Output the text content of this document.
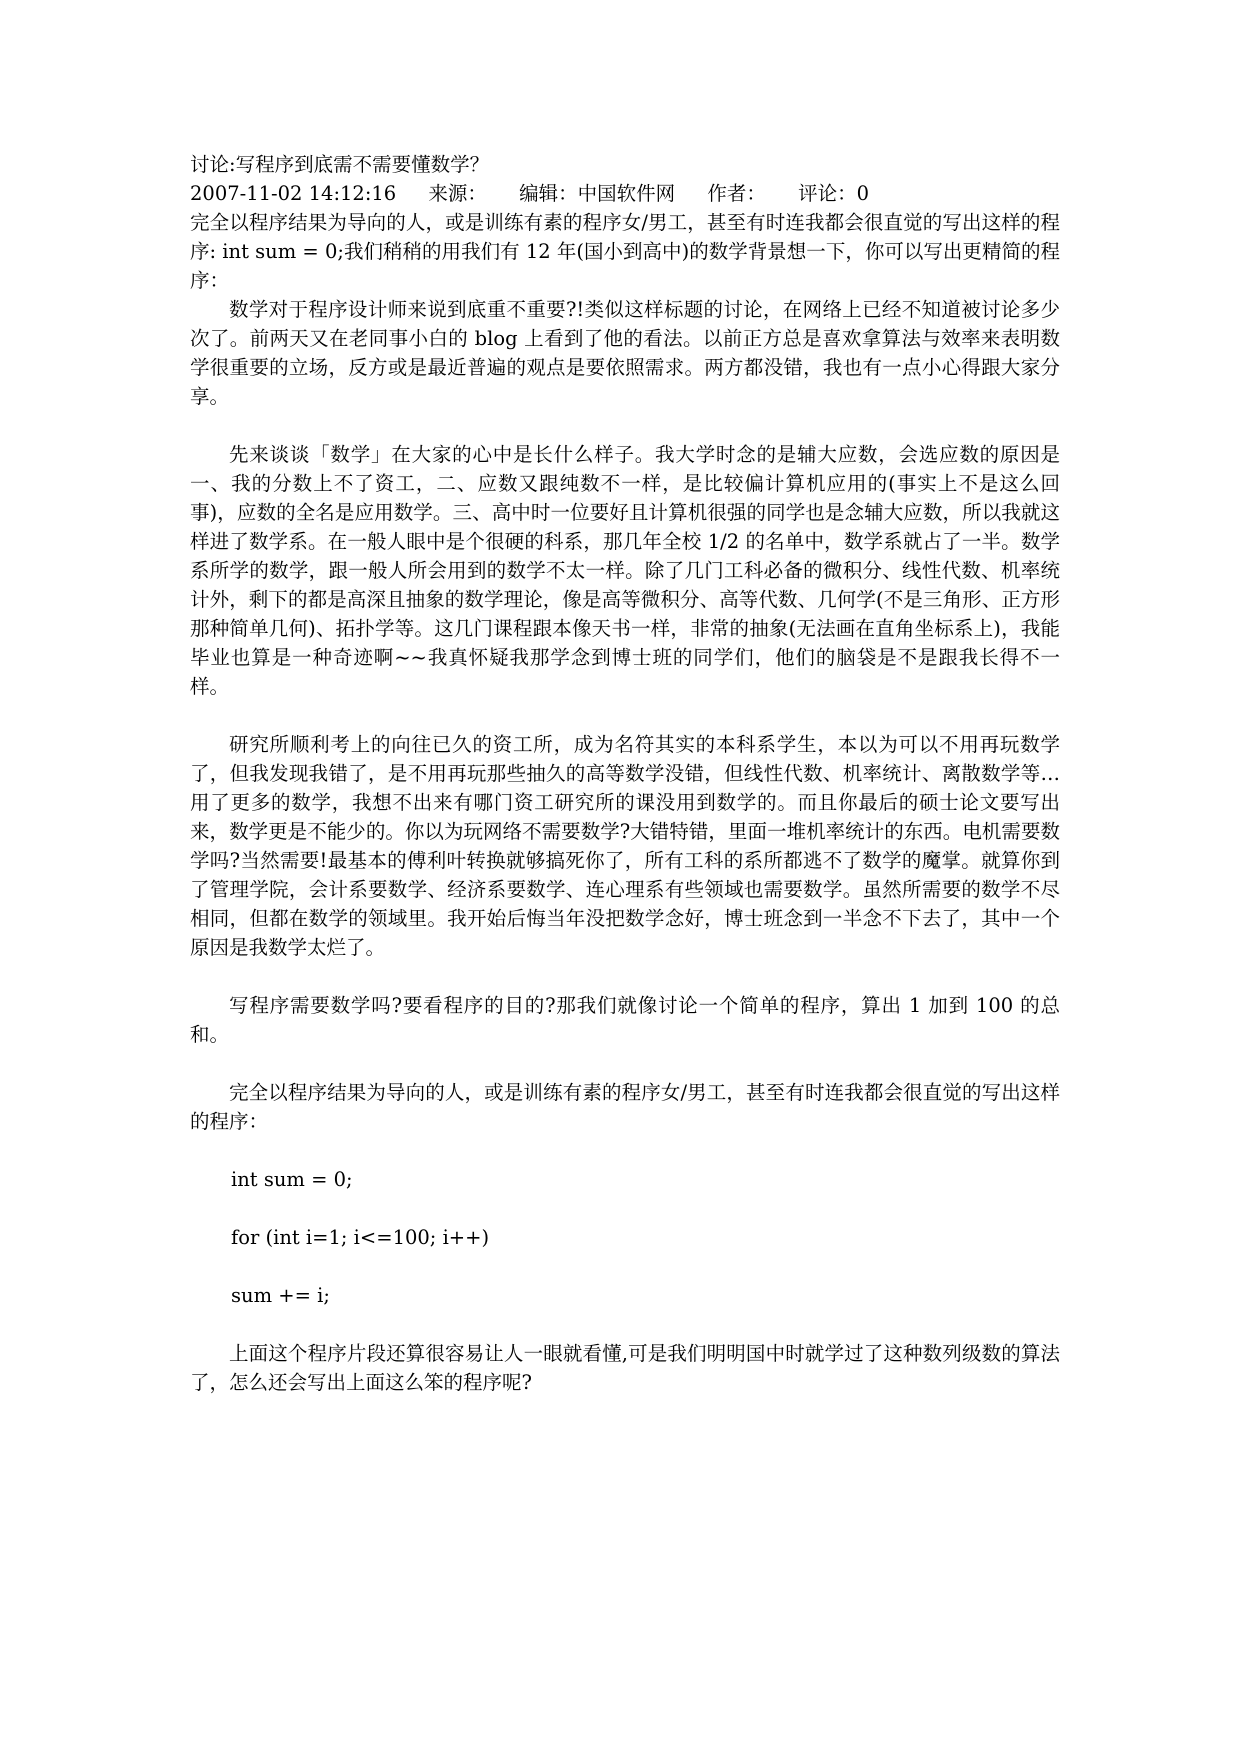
讨论:写程序到底需不需要懂数学？

2007-11-02 14:12:16 来源： 编辑：中国软件网 作者： 评论：0

完全以程序结果为导向的人，或是训练有素的程序女/男工，甚至有时连我都会很直觉的写出这样的程序: int sum = 0;我们稍稍的用我们有 12 年(国小到高中)的数学背景想一下，你可以写出更精简的程序：

数学对于程序设计师来说到底重不重要?!类似这样标题的讨论，在网络上已经不知道被讨论多少次了。前两天又在老同事小白的 blog 上看到了他的看法。以前正方总是喜欢拿算法与效率来表明数学很重要的立场，反方或是最近普遍的观点是要依照需求。两方都没错，我也有一点小心得跟大家分享。

先来谈谈「数学」在大家的心中是长什么样子。我大学时念的是辅大应数，会选应数的原因是一、我的分数上不了资工，二、应数又跟纯数不一样，是比较偏计算机应用的(事实上不是这么回事)，应数的全名是应用数学。三、高中时一位要好且计算机很强的同学也是念辅大应数，所以我就这样进了数学系。在一般人眼中是个很硬的科系，那几年全校 1/2 的名单中，数学系就占了一半。数学系所学的数学，跟一般人所会用到的数学不太一样。除了几门工科必备的微积分、线性代数、机率统计外，剩下的都是高深且抽象的数学理论，像是高等微积分、高等代数、几何学(不是三角形、正方形那种简单几何)、拓扑学等。这几门课程跟本像天书一样，非常的抽象(无法画在直角坐标系上)，我能毕业也算是一种奇迹啊~~我真怀疑我那学念到博士班的同学们，他们的脑袋是不是跟我长得不一样。

研究所顺利考上的向往已久的资工所，成为名符其实的本科系学生，本以为可以不用再玩数学了，但我发现我错了，是不用再玩那些抽久的高等数学没错，但线性代数、机率统计、离散数学等…用了更多的数学，我想不出来有哪门资工研究所的课没用到数学的。而且你最后的硕士论文要写出来，数学更是不能少的。你以为玩网络不需要数学?大错特错，里面一堆机率统计的东西。电机需要数学吗?当然需要!最基本的傅利叶转换就够搞死你了，所有工科的系所都逃不了数学的魔掌。就算你到了管理学院，会计系要数学、经济系要数学、连心理系有些领域也需要数学。虽然所需要的数学不尽相同，但都在数学的领域里。我开始后悔当年没把数学念好，博士班念到一半念不下去了，其中一个原因是我数学太烂了。

写程序需要数学吗?要看程序的目的?那我们就像讨论一个简单的程序，算出 1 加到 100 的总和。

完全以程序结果为导向的人，或是训练有素的程序女/男工，甚至有时连我都会很直觉的写出这样的程序：

int sum = 0;

for (int i=1; i<=100; i++)

sum += i;

上面这个程序片段还算很容易让人一眼就看懂,可是我们明明国中时就学过了这种数列级数的算法了，怎么还会写出上面这么笨的程序呢?
